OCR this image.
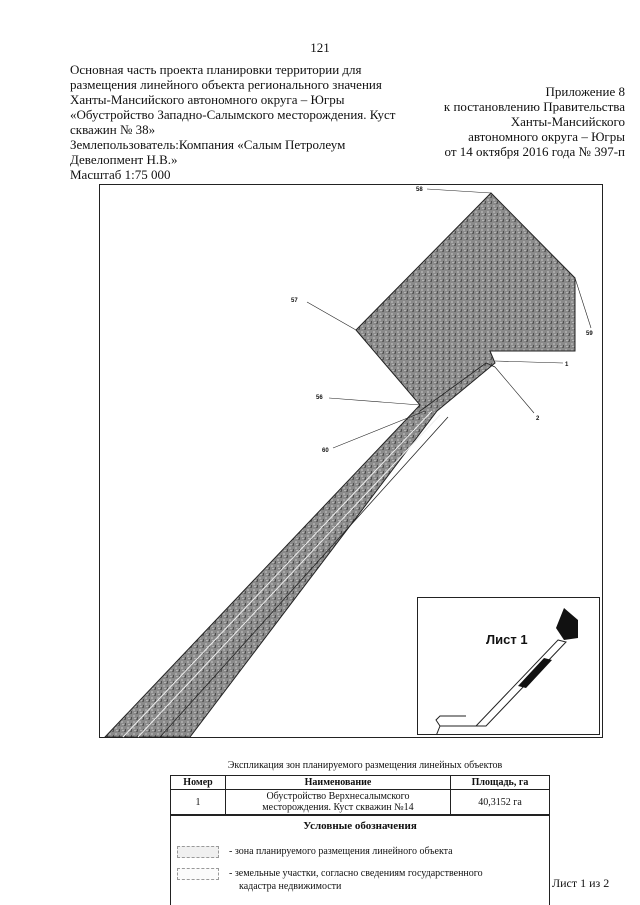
121
Основная часть проекта планировки территории для
размещения линейного объекта регионального значения
Ханты-Мансийского автономного округа – Югры
«Обустройство Западно-Салымского месторождения. Куст
скважин № 38»
Землепользователь:Компания «Салым Петролеум
Девелопмент Н.В.»
Масштаб 1:75 000
Приложение 8
к постановлению Правительства
Ханты-Мансийского
автономного округа – Югры
от 14 октября 2016 года № 397-п
58
57
59
1
56
2
60
Лист 1
Экспликация зон планируемого размещения линейных объектов
Номер	Наименование	Площадь, га
1	Обустройство Верхнесалымского
месторождения. Куст скважин №14	40,3152 га
Условные обозначения
- зона планируемого размещения линейного объекта
- земельные участки, согласно сведениям государственного
кадастра недвижимости	Лист 1 из 2
